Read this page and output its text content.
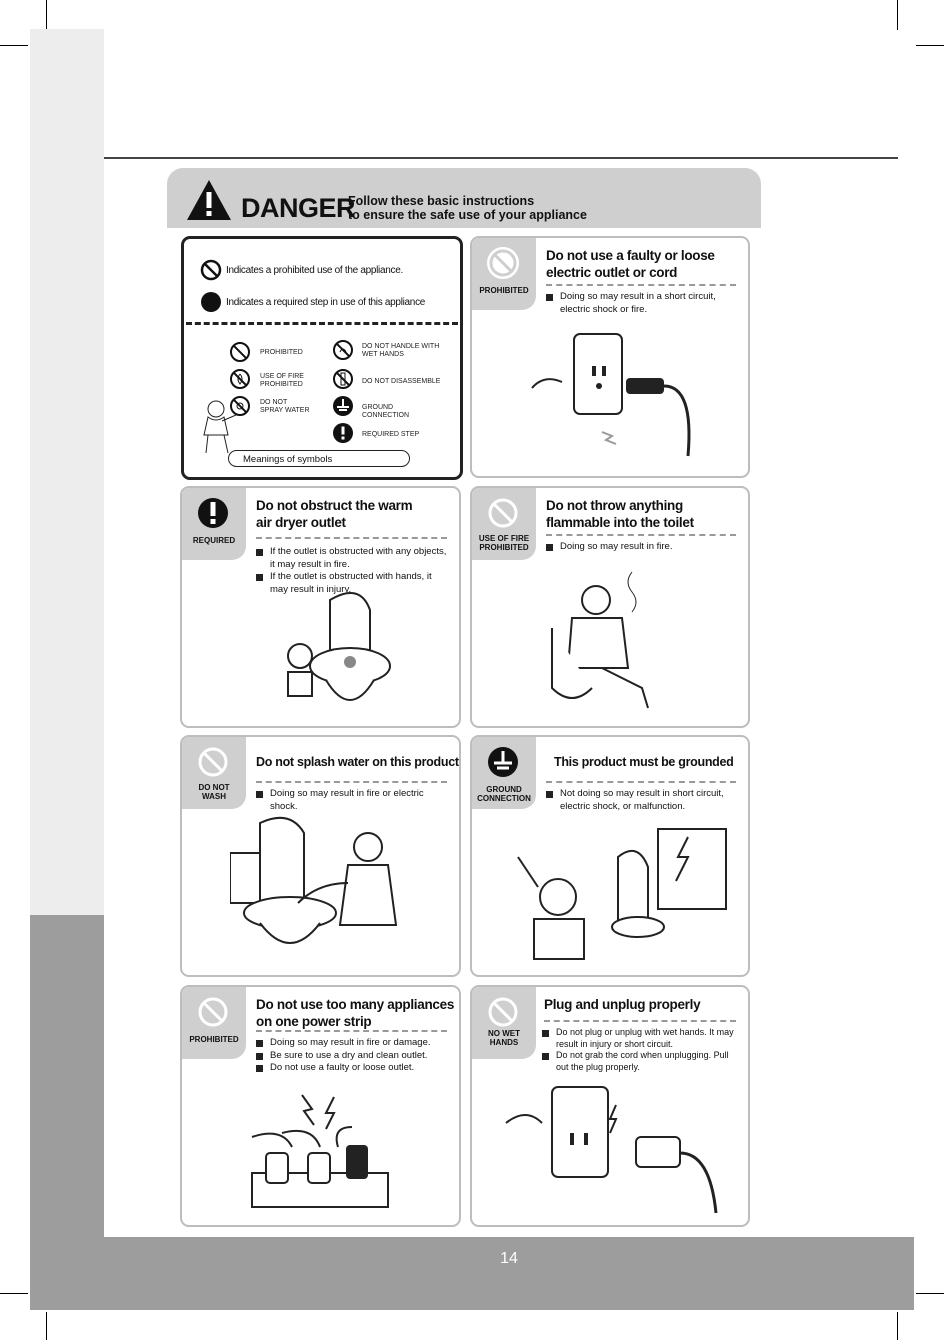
14
DANGER
Follow these basic instructions
to ensure the safe use of your appliance
Indicates a prohibited use of the appliance.
Indicates a required step in use of this appliance
PROHIBITED
DO NOT HANDLE WITH WET HANDS
USE OF FIRE PROHIBITED	DO NOT DISASSEMBLE
DO NOT SPRAY WATER	GROUND CONNECTION
REQUIRED STEP
Meanings of symbols
PROHIBITED
Do not use a faulty or loose
electric outlet or cord
Doing so may result in a short circuit, electric shock or fire.
REQUIRED
Do not obstruct the warm
air dryer outlet
If the outlet is obstructed with any objects, it may result in fire.
If the outlet is obstructed with hands, it may result in injury.
USE OF FIRE PROHIBITED
Do not throw anything
flammable into the toilet
Doing so may result in fire.
DO NOT WASH
Do not splash water on this product
Doing so may result in fire or electric shock.
GROUND CONNECTION
This product must be grounded
Not doing so may result in short circuit, electric shock, or malfunction.
PROHIBITED
Do not use too many appliances
on one power strip
Doing so may result in fire or damage.
Be sure to use a dry and clean outlet.
Do not use a faulty or loose outlet.
NO WET HANDS
Plug and unplug properly
Do not plug or unplug with wet hands. It may result in injury or short circuit.
Do not grab the cord when unplugging. Pull out the plug properly.
